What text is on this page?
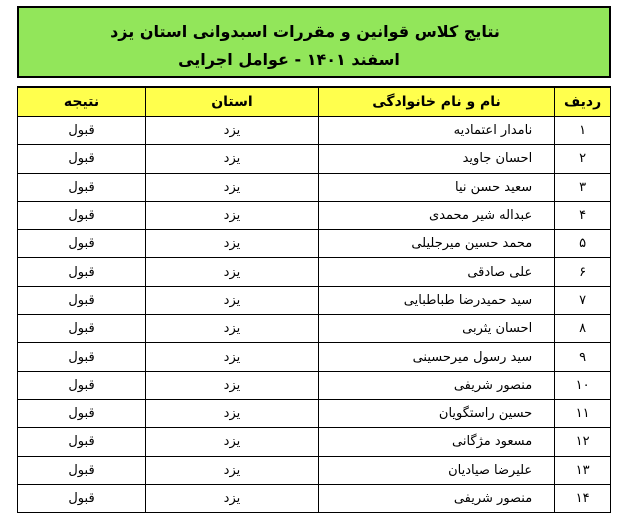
نتایج کلاس قوانین و مقررات اسبدوانی استان یزد
اسفند ۱۴۰۱ - عوامل اجرایی
ردیف	نام و نام خانوادگی	استان	نتیجه
۱	نامدار اعتمادیه	یزد	قبول
۲	احسان جاوید	یزد	قبول
۳	سعید حسن نیا	یزد	قبول
۴	عبداله شیر محمدی	یزد	قبول
۵	محمد حسین میرجلیلی	یزد	قبول
۶	علی صادقی	یزد	قبول
۷	سید حمیدرضا طباطبایی	یزد	قبول
۸	احسان یثربی	یزد	قبول
۹	سید رسول میرحسینی	یزد	قبول
۱۰	منصور شریفی	یزد	قبول
۱۱	حسین راستگویان	یزد	قبول
۱۲	مسعود مژگانی	یزد	قبول
۱۳	علیرضا صیادیان	یزد	قبول
۱۴	منصور شریفی	یزد	قبول
